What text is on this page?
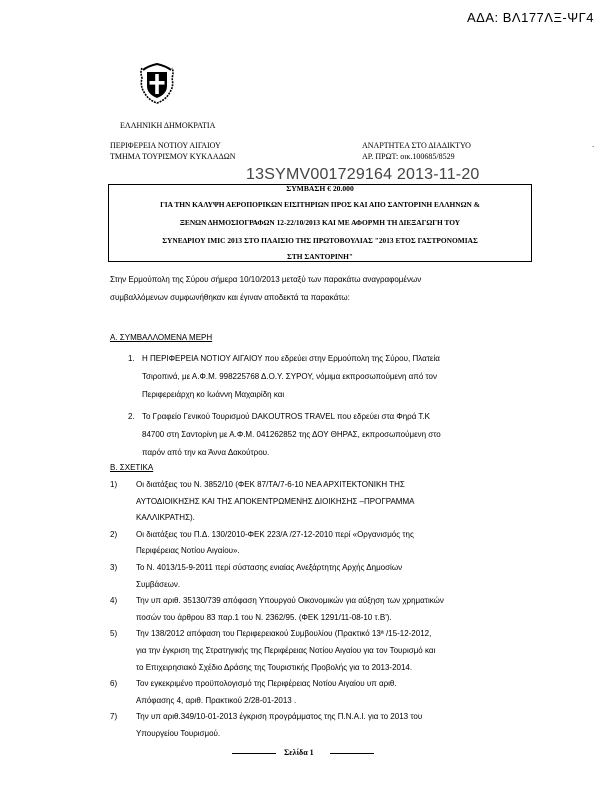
ΑΔΑ: ΒΛ177ΛΞ-ΨΓ4
ΕΛΛΗΝΙΚΗ ΔΗΜΟΚΡΑΤΙΑ
ΠΕΡΙΦΕΡΕΙΑ ΝΟΤΙΟΥ ΑΙΓΑΙΟΥ
ΤΜΗΜΑ ΤΟΥΡΙΣΜΟΥ ΚΥΚΛΑΔΩΝ
ΑΝΑΡΤΗΤΕΑ ΣΤΟ ΔΙΑΔΙΚΤΥΟ
ΑΡ. ΠΡΩΤ: οικ.100685/8529
.
13SYMV001729164 2013-11-20
ΣΥΜΒΑΣΗ € 20.000
ΓΙΑ ΤΗΝ ΚΑΛΥΨΗ ΑΕΡΟΠΟΡΙΚΩΝ ΕΙΣΙΤΗΡΙΩΝ ΠΡΟΣ ΚΑΙ ΑΠΟ ΣΑΝΤΟΡΙΝΗ ΕΛΛΗΝΩΝ &
ΞΕΝΩΝ ΔΗΜΟΣΙΟΓΡΑΦΩΝ 12-22/10/2013 ΚΑΙ ΜΕ ΑΦΟΡΜΗ ΤΗ ΔΙΕΞΑΓΩΓΗ ΤΟΥ
ΣΥΝΕΔΡΙΟΥ IMIC 2013 ΣΤΟ ΠΛΑΙΣΙΟ ΤΗΣ ΠΡΩΤΟΒΟΥΛΙΑΣ "2013 ΕΤΟΣ ΓΑΣΤΡΟΝΟΜΙΑΣ
ΣΤΗ ΣΑΝΤΟΡΙΝΗ"
Στην Ερμούπολη της Σύρου σήμερα 10/10/2013 μεταξύ των παρακάτω αναγραφομένων
συμβαλλόμενων συμφωνήθηκαν και έγιναν αποδεκτά τα παρακάτω:
Α. ΣΥΜΒΑΛΛΟΜΕΝΑ ΜΕΡΗ
1. Η ΠΕΡΙΦΕΡΕΙΑ ΝΟΤΙΟΥ ΑΙΓΑΙΟΥ που εδρεύει στην Ερμούπολη της Σύρου, Πλατεία
Τσιροπινά, με Α.Φ.Μ. 998225768 Δ.Ο.Υ. ΣΥΡΟΥ, νόμιμα εκπροσωπούμενη από τον
Περιφερειάρχη κο Ιωάννη Μαχαιρίδη και
2. Το Γραφείο Γενικού Τουρισμού DAKOUTROS TRAVEL που εδρεύει στα Φηρά Τ.Κ
84700 στη Σαντορίνη με Α.Φ.Μ. 041262852 της ΔΟΥ ΘΗΡΑΣ, εκπροσωπούμενη στο
παρόν από την κα Άννα Δακούτρου.
Β. ΣΧΕΤΙΚΑ
1) Οι διατάξεις του Ν. 3852/10 (ΦΕΚ 87/ΤΑ/7-6-10 ΝΕΑ ΑΡΧΙΤΕΚΤΟΝΙΚΗ ΤΗΣ
ΑΥΤΟΔΙΟΙΚΗΣΗΣ ΚΑΙ ΤΗΣ ΑΠΟΚΕΝΤΡΩΜΕΝΗΣ ΔΙΟΙΚΗΣΗΣ –ΠΡΟΓΡΑΜΜΑ
ΚΑΛΛΙΚΡΑΤΗΣ).
2) Οι διατάξεις του Π.Δ. 130/2010-ΦΕΚ 223/Α /27-12-2010 περί «Οργανισμός της
Περιφέρειας Νοτίου Αιγαίου».
3) Το Ν. 4013/15-9-2011 περί σύστασης ενιαίας Ανεξάρτητης Αρχής Δημοσίων
Συμβάσεων.
4) Την υπ αριθ. 35130/739 απόφαση Υπουργού Οικονομικών για αύξηση των χρηματικών
ποσών του άρθρου 83 παρ.1 του Ν. 2362/95. (ΦΕΚ 1291/11-08-10 τ.Β').
5) Την 138/2012 απόφαση του Περιφερειακού Συμβουλίου (Πρακτικό 13ª /15-12-2012,
για την έγκριση της Στρατηγικής της Περιφέρειας Νοτίου Αιγαίου για τον Τουρισμό και
το Επιχειρησιακό Σχέδιο Δράσης της Τουριστικής Προβολής για το 2013-2014.
6) Τον εγκεκριμένο προϋπολογισμό της Περιφέρειας Νοτίου Αιγαίου υπ αριθ.
Απόφασης 4, αριθ. Πρακτικού 2/28-01-2013 .
7) Την υπ αριθ.349/10-01-2013 έγκριση προγράμματος της Π.Ν.Α.Ι. για το 2013 του
Υπουργείου Τουρισμού.
Σελίδα 1
